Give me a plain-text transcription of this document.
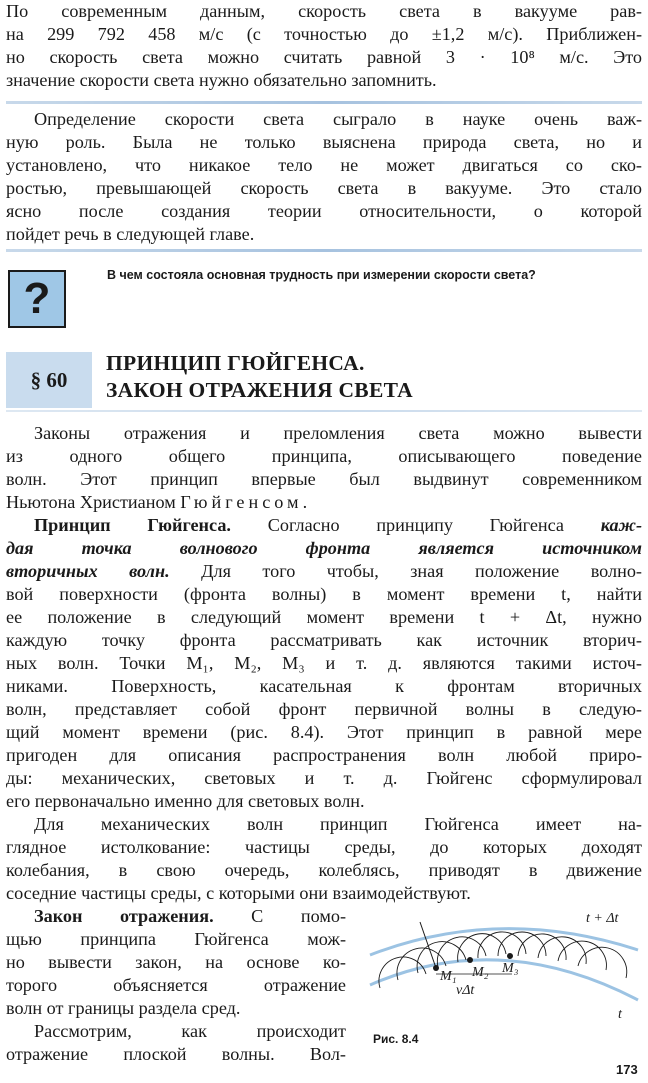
По современным данным, скорость света в вакууме рав-
на 299 792 458 м/с (с точностью до ±1,2 м/с). Приближен-
но скорость света можно считать равной 3 · 10⁸ м/с. Это
значение скорости света нужно обязательно запомнить.
Определение скорости света сыграло в науке очень важ-
ную роль. Была не только выяснена природа света, но и
установлено, что никакое тело не может двигаться со ско-
ростью, превышающей скорость света в вакууме. Это стало
ясно после создания теории относительности, о которой
пойдет речь в следующей главе.
?	В чем состояла основная трудность при измерении скорости света?
§ 60
ПРИНЦИП ГЮЙГЕНСА.
ЗАКОН ОТРАЖЕНИЯ СВЕТА
Законы отражения и преломления света можно вывести
из одного общего принципа, описывающего поведение
волн. Этот принцип впервые был выдвинут современником
Ньютона Христианом Гюйгенсом.
Принцип Гюйгенса. Согласно принципу Гюйгенса каж-
дая точка волнового фронта является источником
вторичных волн. Для того чтобы, зная положение волно-
вой поверхности (фронта волны) в момент времени t, найти
ее положение в следующий момент времени t + Δt, нужно
каждую точку фронта рассматривать как источник вторич-
ных волн. Точки M₁, M₂, M₃ и т. д. являются такими источ-
никами. Поверхность, касательная к фронтам вторичных
волн, представляет собой фронт первичной волны в следую-
щий момент времени (рис. 8.4). Этот принцип в равной мере
пригоден для описания распространения волн любой приро-
ды: механических, световых и т. д. Гюйгенс сформулировал
его первоначально именно для световых волн.
Для механических волн принцип Гюйгенса имеет на-
глядное истолкование: частицы среды, до которых доходят
колебания, в свою очередь, колеблясь, приводят в движение
соседние частицы среды, с которыми они взаимодействуют.
Закон отражения. С помо-
щью принципа Гюйгенса мож-
но вывести закон, на основе ко-
торого объясняется отражение
волн от границы раздела сред.
Рассмотрим, как происходит
отражение плоской волны. Вол-
M₁ M₂ M₃
vΔt
t + Δt
t
Рис. 8.4
173
